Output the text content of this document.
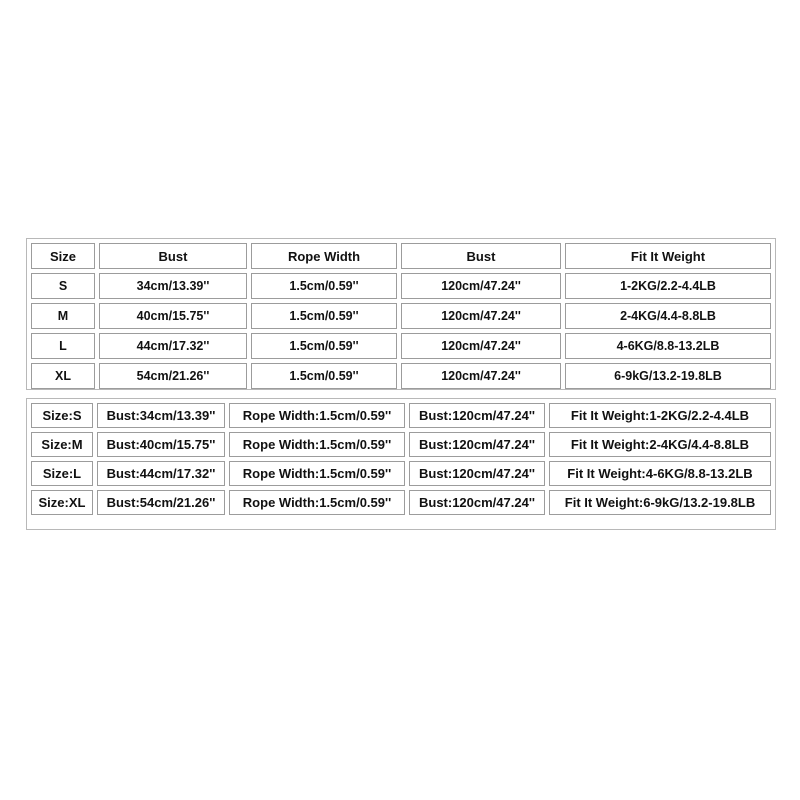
Size	Bust	Rope Width	Bust	Fit It Weight
S	34cm/13.39''	1.5cm/0.59''	120cm/47.24''	1-2KG/2.2-4.4LB
M	40cm/15.75''	1.5cm/0.59''	120cm/47.24''	2-4KG/4.4-8.8LB
L	44cm/17.32''	1.5cm/0.59''	120cm/47.24''	4-6KG/8.8-13.2LB
XL	54cm/21.26''	1.5cm/0.59''	120cm/47.24''	6-9kG/13.2-19.8LB
Size:S	Bust:34cm/13.39''	Rope Width:1.5cm/0.59''	Bust:120cm/47.24''	Fit It Weight:1-2KG/2.2-4.4LB
Size:M	Bust:40cm/15.75''	Rope Width:1.5cm/0.59''	Bust:120cm/47.24''	Fit It Weight:2-4KG/4.4-8.8LB
Size:L	Bust:44cm/17.32''	Rope Width:1.5cm/0.59''	Bust:120cm/47.24''	Fit It Weight:4-6KG/8.8-13.2LB
Size:XL	Bust:54cm/21.26''	Rope Width:1.5cm/0.59''	Bust:120cm/47.24''	Fit It Weight:6-9kG/13.2-19.8LB
